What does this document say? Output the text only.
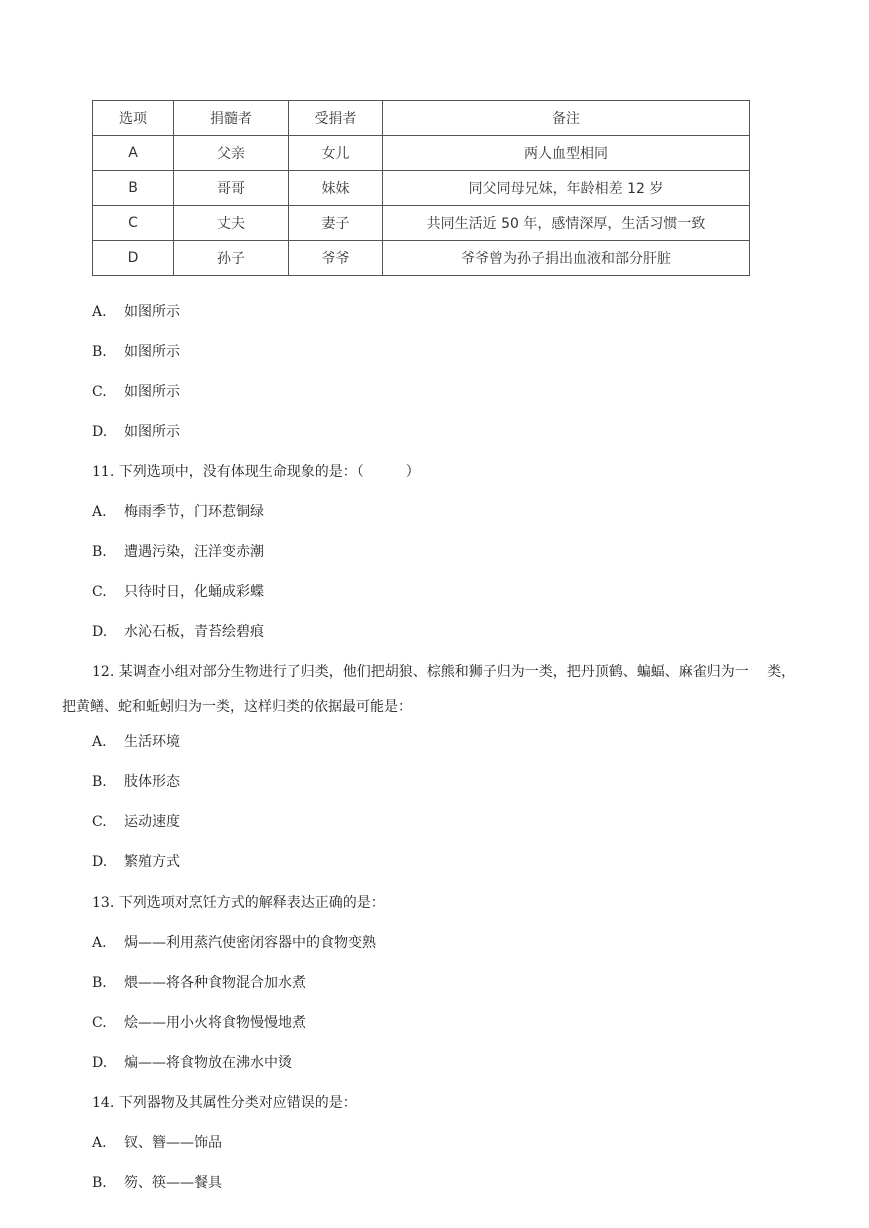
选项	捐髓者	受捐者	备注
A	父亲	女儿	两人血型相同
B	哥哥	妹妹	同父同母兄妹，年龄相差 12 岁
C	丈夫	妻子	共同生活近 50 年，感情深厚，生活习惯一致
D	孙子	爷爷	爷爷曾为孙子捐出血液和部分肝脏
A. 如图所示
B. 如图所示
C. 如图所示
D. 如图所示
11. 下列选项中，没有体现生命现象的是：（　　　）
A. 梅雨季节，门环惹铜绿
B. 遭遇污染，汪洋变赤潮
C. 只待时日，化蛹成彩蝶
D. 水沁石板，青苔绘碧痕
12. 某调查小组对部分生物进行了归类，他们把胡狼、棕熊和狮子归为一类，把丹顶鹤、蝙蝠、麻雀归为一　 类，
把黄鳝、蛇和蚯蚓归为一类，这样归类的依据最可能是：
A. 生活环境
B. 肢体形态
C. 运动速度
D. 繁殖方式
13. 下列选项对烹饪方式的解释表达正确的是：
A. 焗——利用蒸汽使密闭容器中的食物变熟
B. 煨——将各种食物混合加水煮
C. 烩——用小火将食物慢慢地煮
D. 煸——将食物放在沸水中烫
14. 下列器物及其属性分类对应错误的是：
A. 钗、簪——饰品
B. 笏、筷——餐具
